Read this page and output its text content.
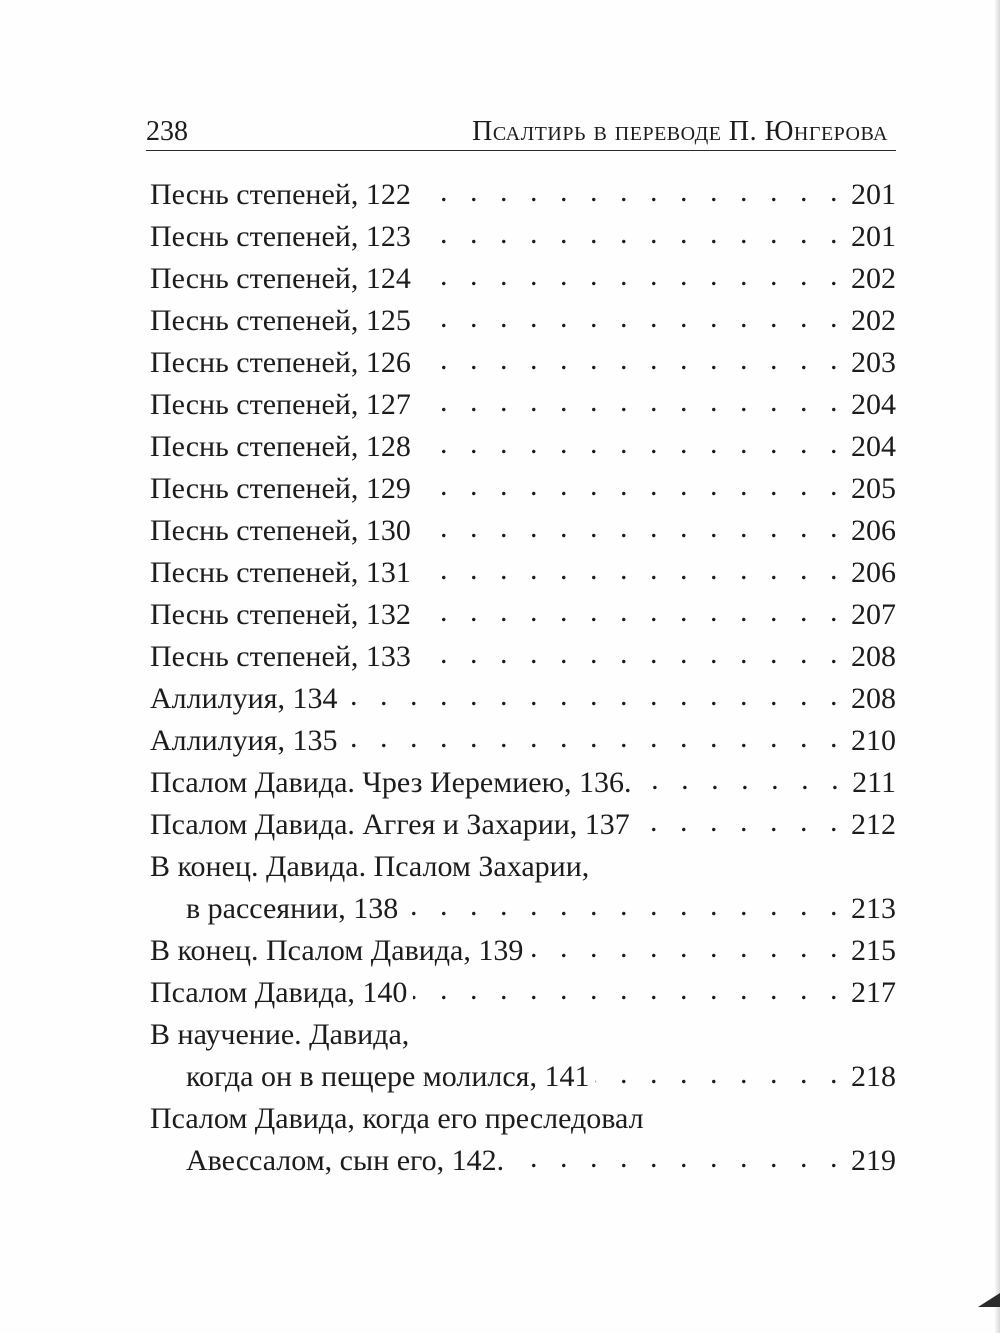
238	Псалтирь в переводе П. Юнгерова
Песнь степеней, 122 . . .	201
Песнь степеней, 123 . . .	201
Песнь степеней, 124 . . .	202
Песнь степеней, 125 . . .	202
Песнь степеней, 126 . . .	203
Песнь степеней, 127 . . .	204
Песнь степеней, 128 . . .	204
Песнь степеней, 129 . . .	205
Песнь степеней, 130 . . .	206
Песнь степеней, 131 . . .	206
Песнь степеней, 132 . . .	207
Песнь степеней, 133 . . .	208
Аллилуия, 134 . . .	208
Аллилуия, 135 . . .	210
Псалом Давида. Чрез Иеремиею, 136. . . .	211
Псалом Давида. Аггея и Захарии, 137 . . .	212
В конец. Давида. Псалом Захарии,
в рассеянии, 138 . . .	213
В конец. Псалом Давида, 139 . . .	215
Псалом Давида, 140 . . .	217
В научение. Давида,
когда он в пещере молился, 141 . . .	218
Псалом Давида, когда его преследовал
Авессалом, сын его, 142. . . .	219
